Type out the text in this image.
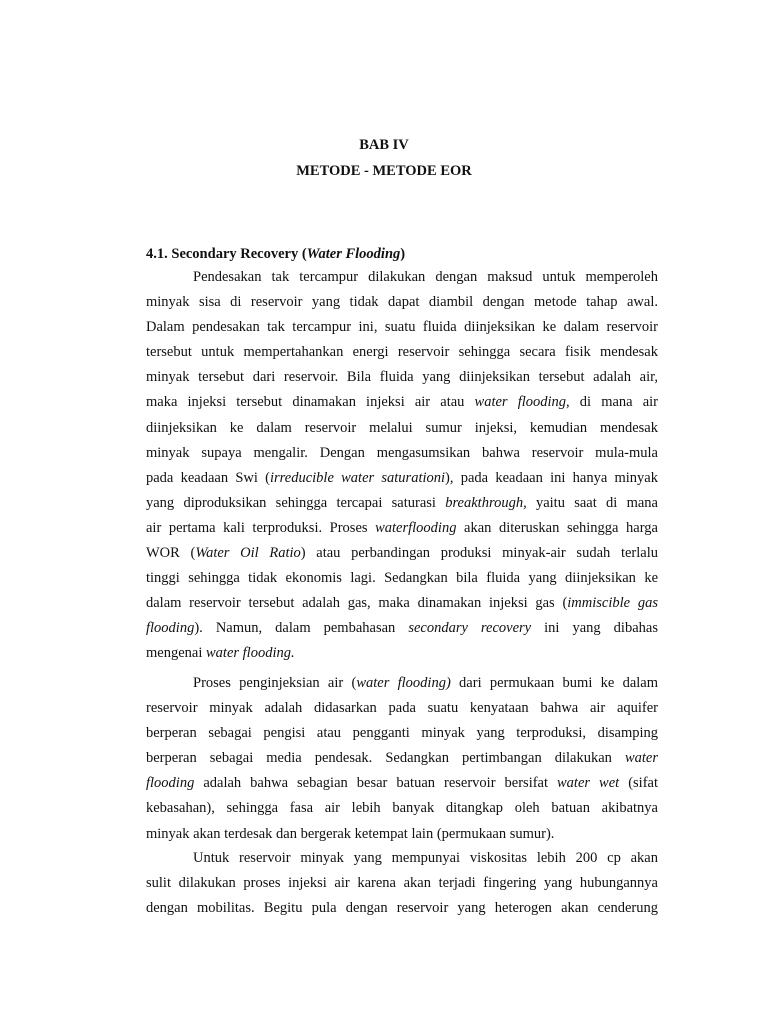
BAB IV
METODE - METODE EOR
4.1. Secondary Recovery (Water Flooding)
Pendesakan tak tercampur dilakukan dengan maksud untuk memperoleh
minyak sisa di reservoir yang tidak dapat diambil dengan metode tahap awal.
Dalam pendesakan tak tercampur ini, suatu fluida diinjeksikan ke dalam reservoir
tersebut untuk mempertahankan energi reservoir sehingga secara fisik mendesak
minyak tersebut dari reservoir. Bila fluida yang diinjeksikan tersebut adalah air,
maka injeksi tersebut dinamakan injeksi air atau water flooding, di mana air
diinjeksikan ke dalam reservoir melalui sumur injeksi, kemudian mendesak
minyak supaya mengalir. Dengan mengasumsikan bahwa reservoir mula-mula
pada keadaan Swi (irreducible water saturationi), pada keadaan ini hanya minyak
yang diproduksikan sehingga tercapai saturasi breakthrough, yaitu saat di mana
air pertama kali terproduksi. Proses waterflooding akan diteruskan sehingga harga
WOR (Water Oil Ratio) atau perbandingan produksi minyak-air sudah terlalu
tinggi sehingga tidak ekonomis lagi. Sedangkan bila fluida yang diinjeksikan ke
dalam reservoir tersebut adalah gas, maka dinamakan injeksi gas (immiscible gas
flooding). Namun, dalam pembahasan secondary recovery ini yang dibahas
mengenai water flooding.
Proses penginjeksian air (water flooding) dari permukaan bumi ke dalam
reservoir minyak adalah didasarkan pada suatu kenyataan bahwa air aquifer
berperan sebagai pengisi atau pengganti minyak yang terproduksi, disamping
berperan sebagai media pendesak. Sedangkan pertimbangan dilakukan water
flooding adalah bahwa sebagian besar batuan reservoir bersifat water wet (sifat
kebasahan), sehingga fasa air lebih banyak ditangkap oleh batuan akibatnya
minyak akan terdesak dan bergerak ketempat lain (permukaan sumur).
Untuk reservoir minyak yang mempunyai viskositas lebih 200 cp akan
sulit dilakukan proses injeksi air karena akan terjadi fingering yang hubungannya
dengan mobilitas. Begitu pula dengan reservoir yang heterogen akan cenderung
